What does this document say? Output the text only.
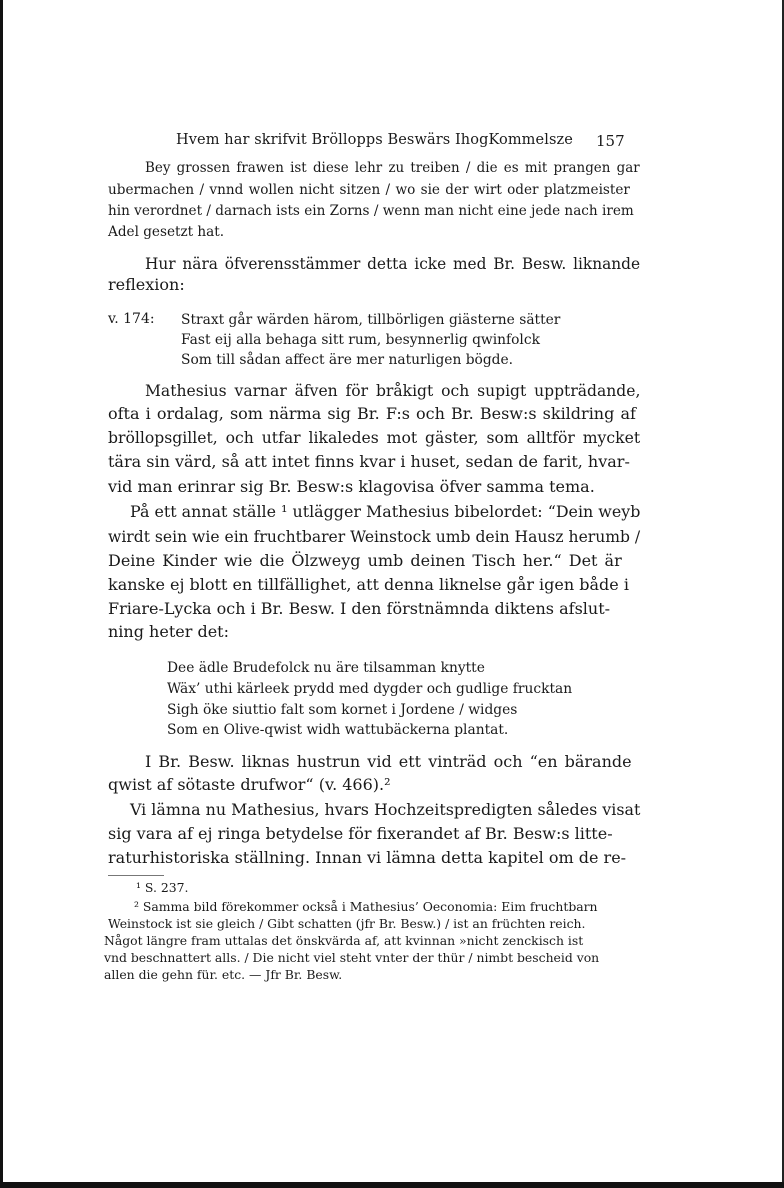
Hvem har skrifvit Bröllopps Beswärs IhogKommelsze 157
Bey grossen frawen ist diese lehr zu treiben / die es mit prangen gar
ubermachen / vnnd wollen nicht sitzen / wo sie der wirt oder platzmeister
hin verordnet / darnach ists ein Zorns / wenn man nicht eine jede nach irem
Adel gesetzt hat.
Hur nära öfverensstämmer detta icke med Br. Besw. liknande
reflexion:
v. 174: Straxt går wärden härom, tillbörligen giästerne sätter
Fast eij alla behaga sitt rum, besynnerlig qwinfolck
Som till sådan affect äre mer naturligen bögde.
Mathesius varnar äfven för bråkigt och supigt uppträdande,
ofta i ordalag, som närma sig Br. F:s och Br. Besw:s skildring af
bröllopsgillet, och utfar likaledes mot gäster, som alltför mycket
tära sin värd, så att intet finns kvar i huset, sedan de farit, hvar-
vid man erinrar sig Br. Besw:s klagovisa öfver samma tema.
På ett annat ställe ¹ utlägger Mathesius bibelordet: “Dein weyb
wirdt sein wie ein fruchtbarer Weinstock umb dein Hausz herumb /
Deine Kinder wie die Ölzweyg umb deinen Tisch her.“ Det är
kanske ej blott en tillfällighet, att denna liknelse går igen både i
Friare-Lycka och i Br. Besw. I den förstnämnda diktens afslut-
ning heter det:
Dee ädle Brudefolck nu äre tilsamman knytte
Wäx’ uthi kärleek prydd med dygder och gudlige frucktan
Sigh öke siuttio falt som kornet i Jordene / widges
Som en Olive-qwist widh wattubäckerna plantat.
I Br. Besw. liknas hustrun vid ett vinträd och “en bärande
qwist af sötaste drufwor“ (v. 466).²
Vi lämna nu Mathesius, hvars Hochzeitspredigten således visat
sig vara af ej ringa betydelse för fixerandet af Br. Besw:s litte-
raturhistoriska ställning. Innan vi lämna detta kapitel om de re-
¹ S. 237.
² Samma bild förekommer också i Mathesius’ Oeconomia: Eim fruchtbarn
Weinstock ist sie gleich / Gibt schatten (jfr Br. Besw.) / ist an früchten reich.
Något längre fram uttalas det önskvärda af, att kvinnan »nicht zenckisch ist
vnd beschnattert alls. / Die nicht viel steht vnter der thür / nimbt bescheid von
allen die gehn für. etc. — Jfr Br. Besw.
